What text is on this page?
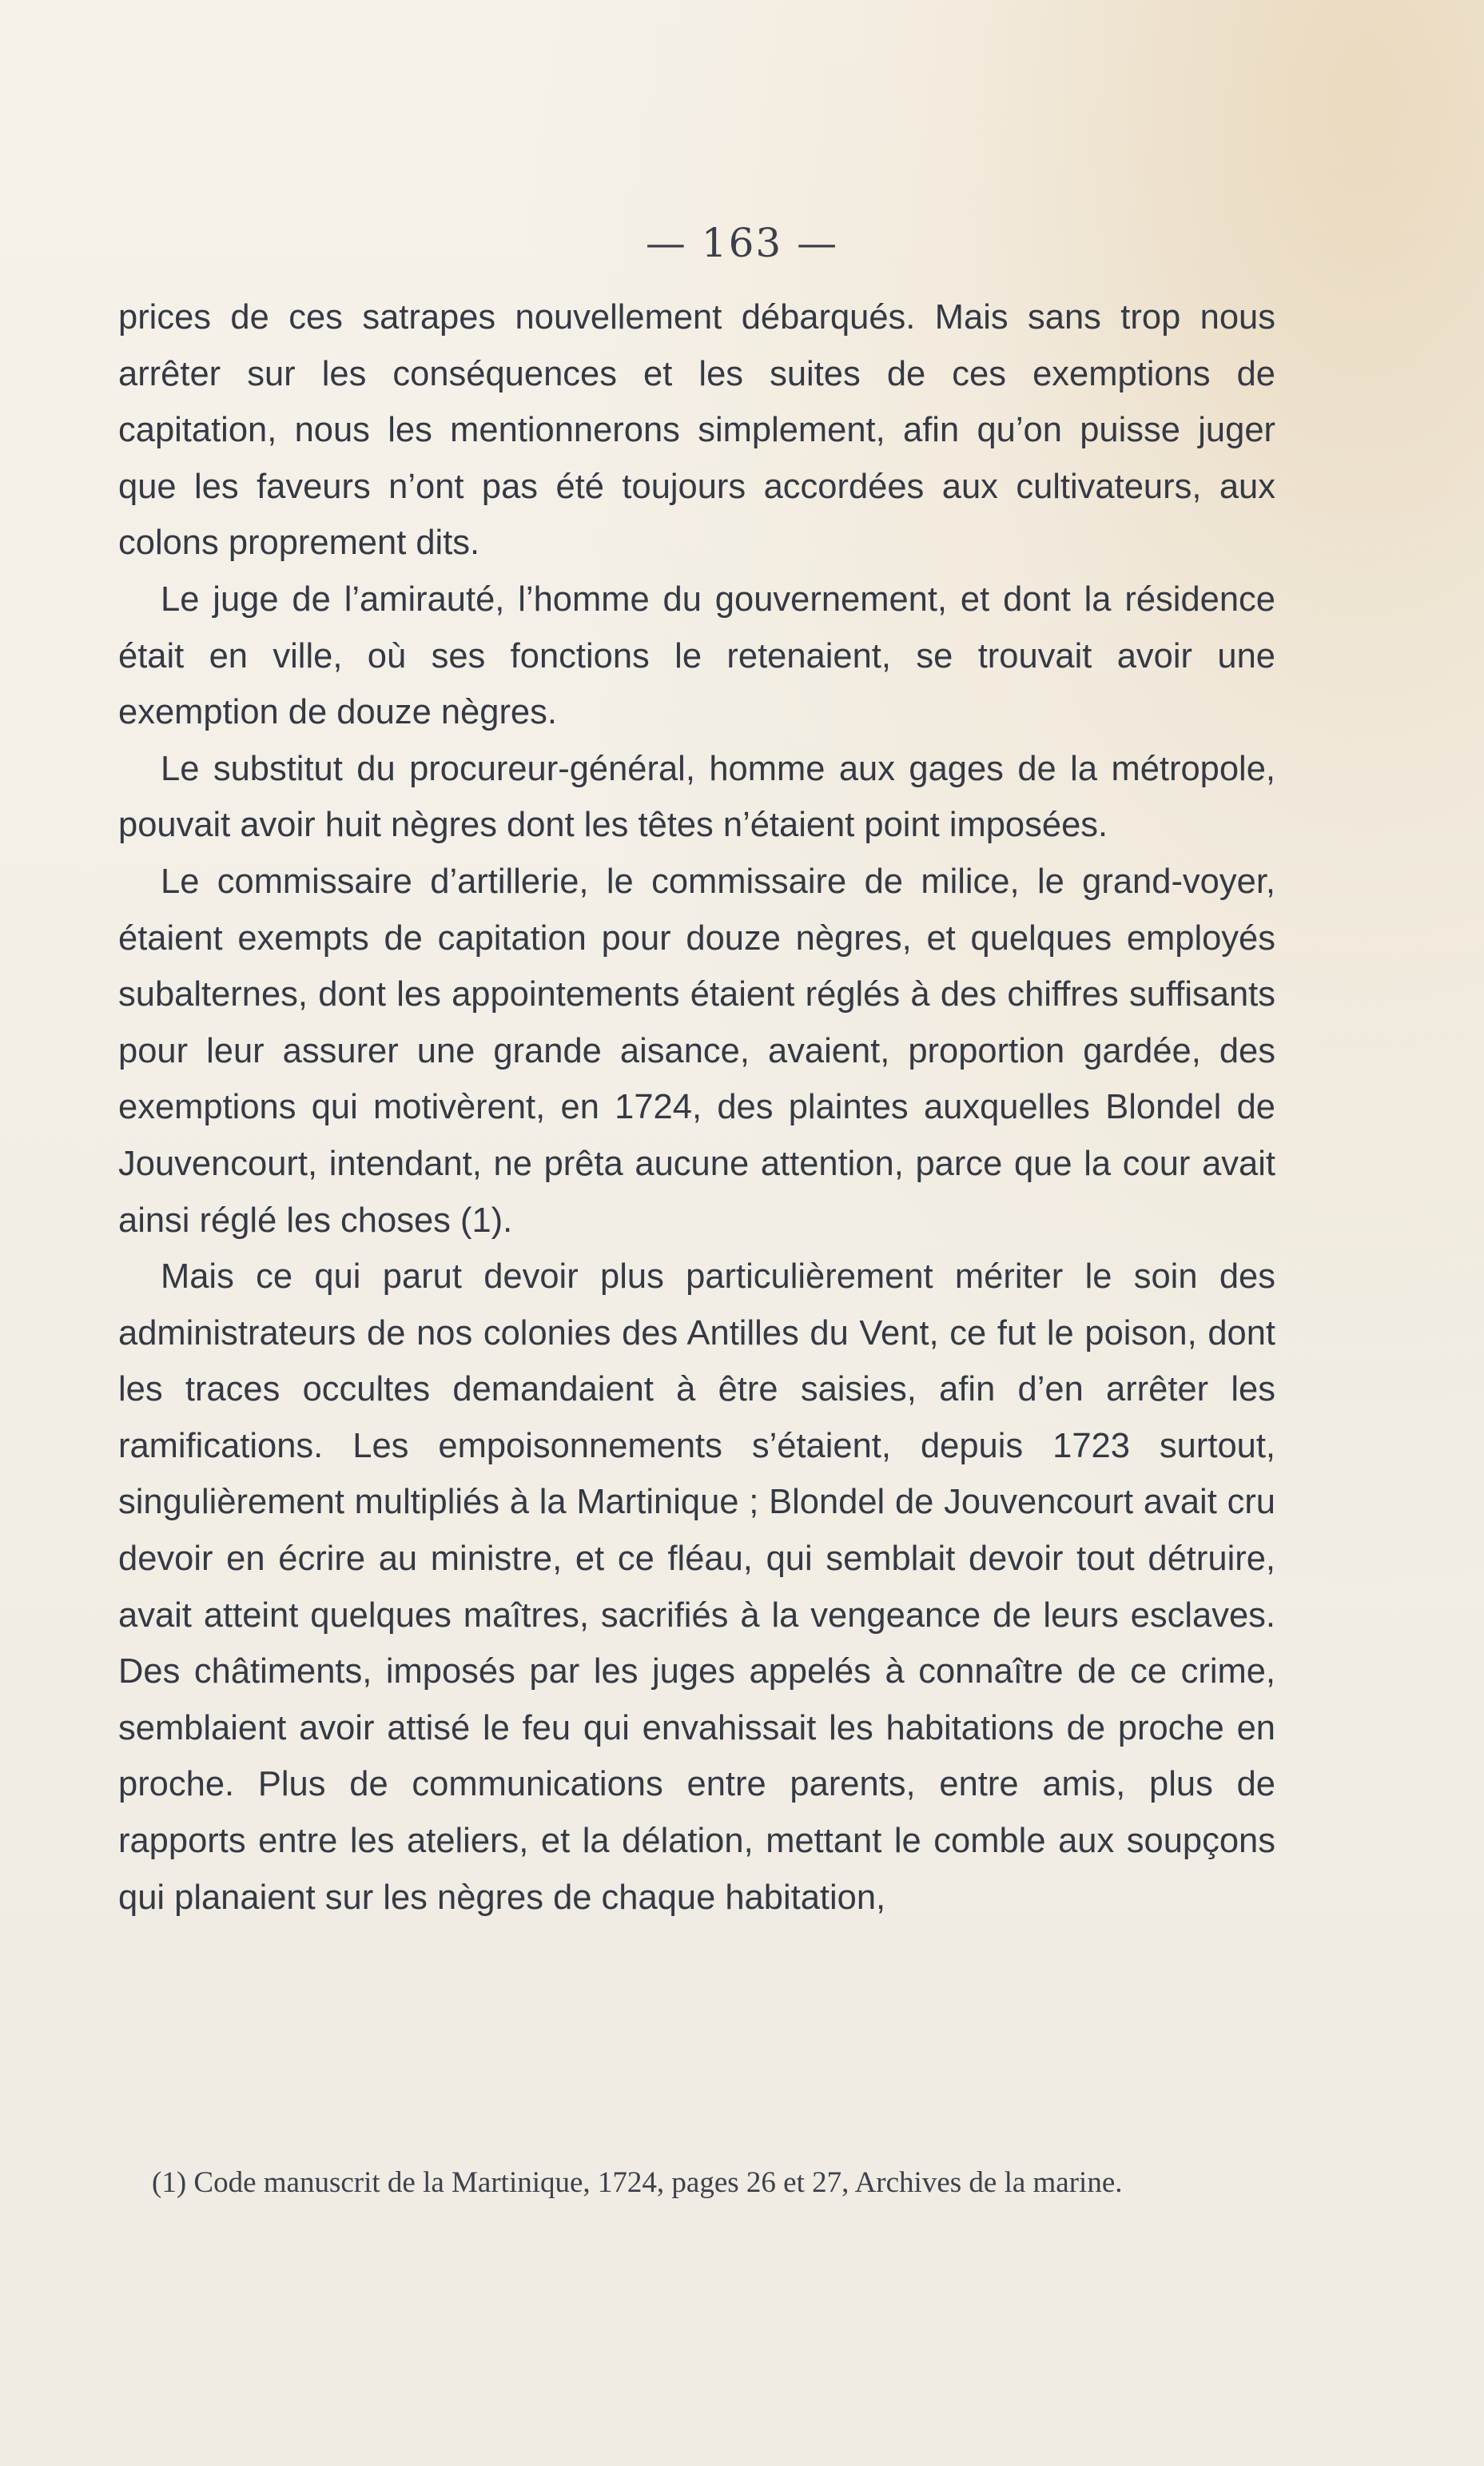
— 163 —

prices de ces satrapes nouvellement débarqués. Mais sans trop nous arrêter sur les conséquences et les suites de ces exemptions de capitation, nous les mentionnerons simplement, afin qu’on puisse juger que les faveurs n’ont pas été toujours accordées aux cultivateurs, aux colons proprement dits.

Le juge de l’amirauté, l’homme du gouvernement, et dont la résidence était en ville, où ses fonctions le retenaient, se trouvait avoir une exemption de douze nègres.

Le substitut du procureur-général, homme aux gages de la métropole, pouvait avoir huit nègres dont les têtes n’étaient point imposées.

Le commissaire d’artillerie, le commissaire de milice, le grand-voyer, étaient exempts de capitation pour douze nègres, et quelques employés subalternes, dont les appointements étaient réglés à des chiffres suffisants pour leur assurer une grande aisance, avaient, proportion gardée, des exemptions qui motivèrent, en 1724, des plaintes auxquelles Blondel de Jouvencourt, intendant, ne prêta aucune attention, parce que la cour avait ainsi réglé les choses (1).

Mais ce qui parut devoir plus particulièrement mériter le soin des administrateurs de nos colonies des Antilles du Vent, ce fut le poison, dont les traces occultes demandaient à être saisies, afin d’en arrêter les ramifications. Les empoisonnements s’étaient, depuis 1723 surtout, singulièrement multipliés à la Martinique ; Blondel de Jouvencourt avait cru devoir en écrire au ministre, et ce fléau, qui semblait devoir tout détruire, avait atteint quelques maîtres, sacrifiés à la vengeance de leurs esclaves. Des châtiments, imposés par les juges appelés à connaître de ce crime, semblaient avoir attisé le feu qui envahissait les habitations de proche en proche. Plus de communications entre parents, entre amis, plus de rapports entre les ateliers, et la délation, mettant le comble aux soupçons qui planaient sur les nègres de chaque habitation,

(1) Code manuscrit de la Martinique, 1724, pages 26 et 27, Archives de la marine.
